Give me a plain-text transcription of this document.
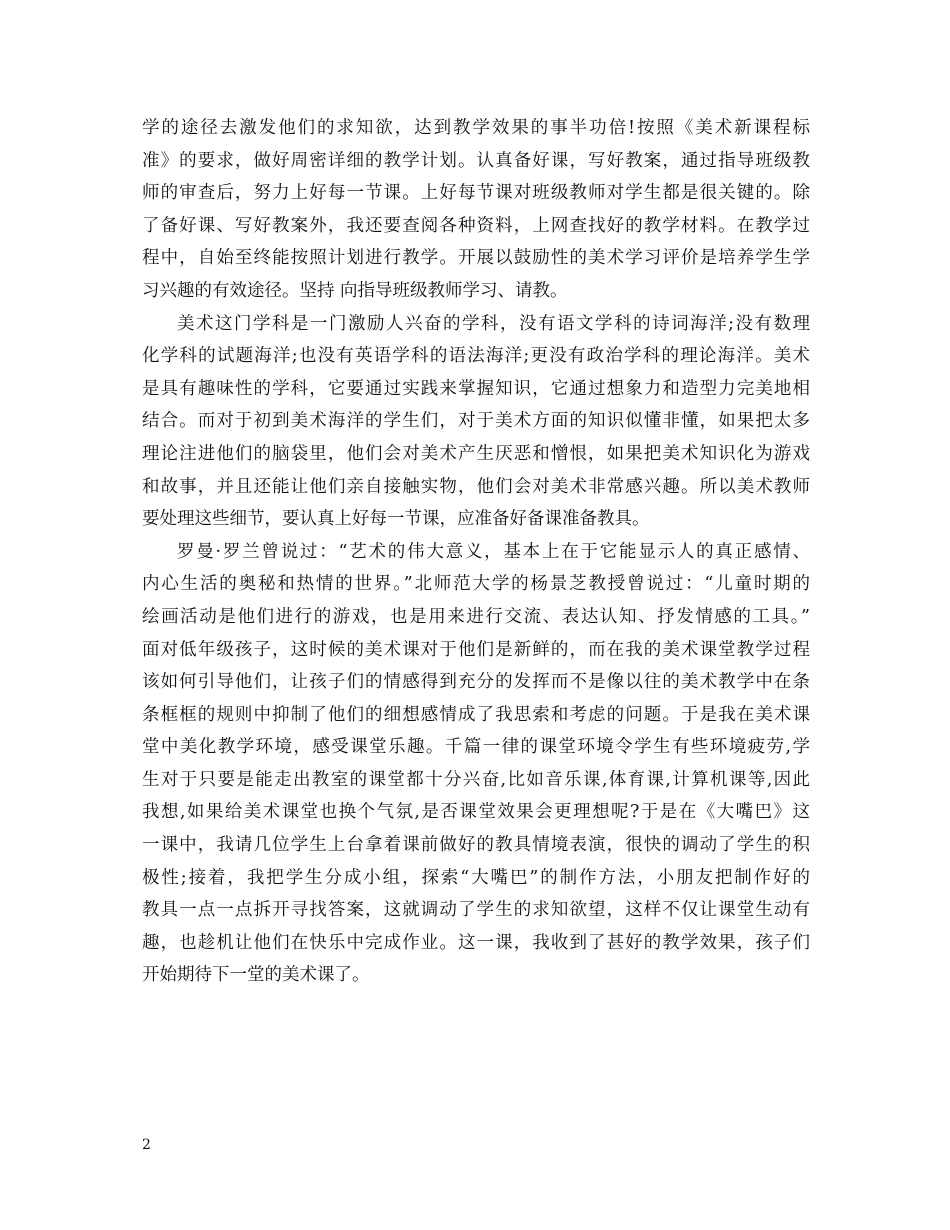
学的途径去激发他们的求知欲，达到教学效果的事半功倍!按照《美术新课程标
准》的要求，做好周密详细的教学计划。认真备好课，写好教案，通过指导班级教
师的审查后，努力上好每一节课。上好每节课对班级教师对学生都是很关键的。除
了备好课、写好教案外，我还要查阅各种资料，上网查找好的教学材料。在教学过
程中，自始至终能按照计划进行教学。开展以鼓励性的美术学习评价是培养学生学
习兴趣的有效途径。坚持 向指导班级教师学习、请教。
美术这门学科是一门激励人兴奋的学科，没有语文学科的诗词海洋;没有数理
化学科的试题海洋;也没有英语学科的语法海洋;更没有政治学科的理论海洋。美术
是具有趣味性的学科，它要通过实践来掌握知识，它通过想象力和造型力完美地相
结合。而对于初到美术海洋的学生们，对于美术方面的知识似懂非懂，如果把太多
理论注进他们的脑袋里，他们会对美术产生厌恶和憎恨，如果把美术知识化为游戏
和故事，并且还能让他们亲自接触实物，他们会对美术非常感兴趣。所以美术教师
要处理这些细节，要认真上好每一节课，应准备好备课准备教具。
罗曼·罗兰曾说过：“艺术的伟大意义，基本上在于它能显示人的真正感情、
内心生活的奥秘和热情的世界。”北师范大学的杨景芝教授曾说过：“儿童时期的
绘画活动是他们进行的游戏，也是用来进行交流、表达认知、抒发情感的工具。”
面对低年级孩子，这时候的美术课对于他们是新鲜的，而在我的美术课堂教学过程
该如何引导他们，让孩子们的情感得到充分的发挥而不是像以往的美术教学中在条
条框框的规则中抑制了他们的细想感情成了我思索和考虑的问题。于是我在美术课
堂中美化教学环境，感受课堂乐趣。千篇一律的课堂环境令学生有些环境疲劳,学
生对于只要是能走出教室的课堂都十分兴奋,比如音乐课,体育课,计算机课等,因此
我想,如果给美术课堂也换个气氛,是否课堂效果会更理想呢?于是在《大嘴巴》这
一课中，我请几位学生上台拿着课前做好的教具情境表演，很快的调动了学生的积
极性;接着，我把学生分成小组，探索“大嘴巴”的制作方法，小朋友把制作好的
教具一点一点拆开寻找答案，这就调动了学生的求知欲望，这样不仅让课堂生动有
趣，也趁机让他们在快乐中完成作业。这一课，我收到了甚好的教学效果，孩子们
开始期待下一堂的美术课了。
2
